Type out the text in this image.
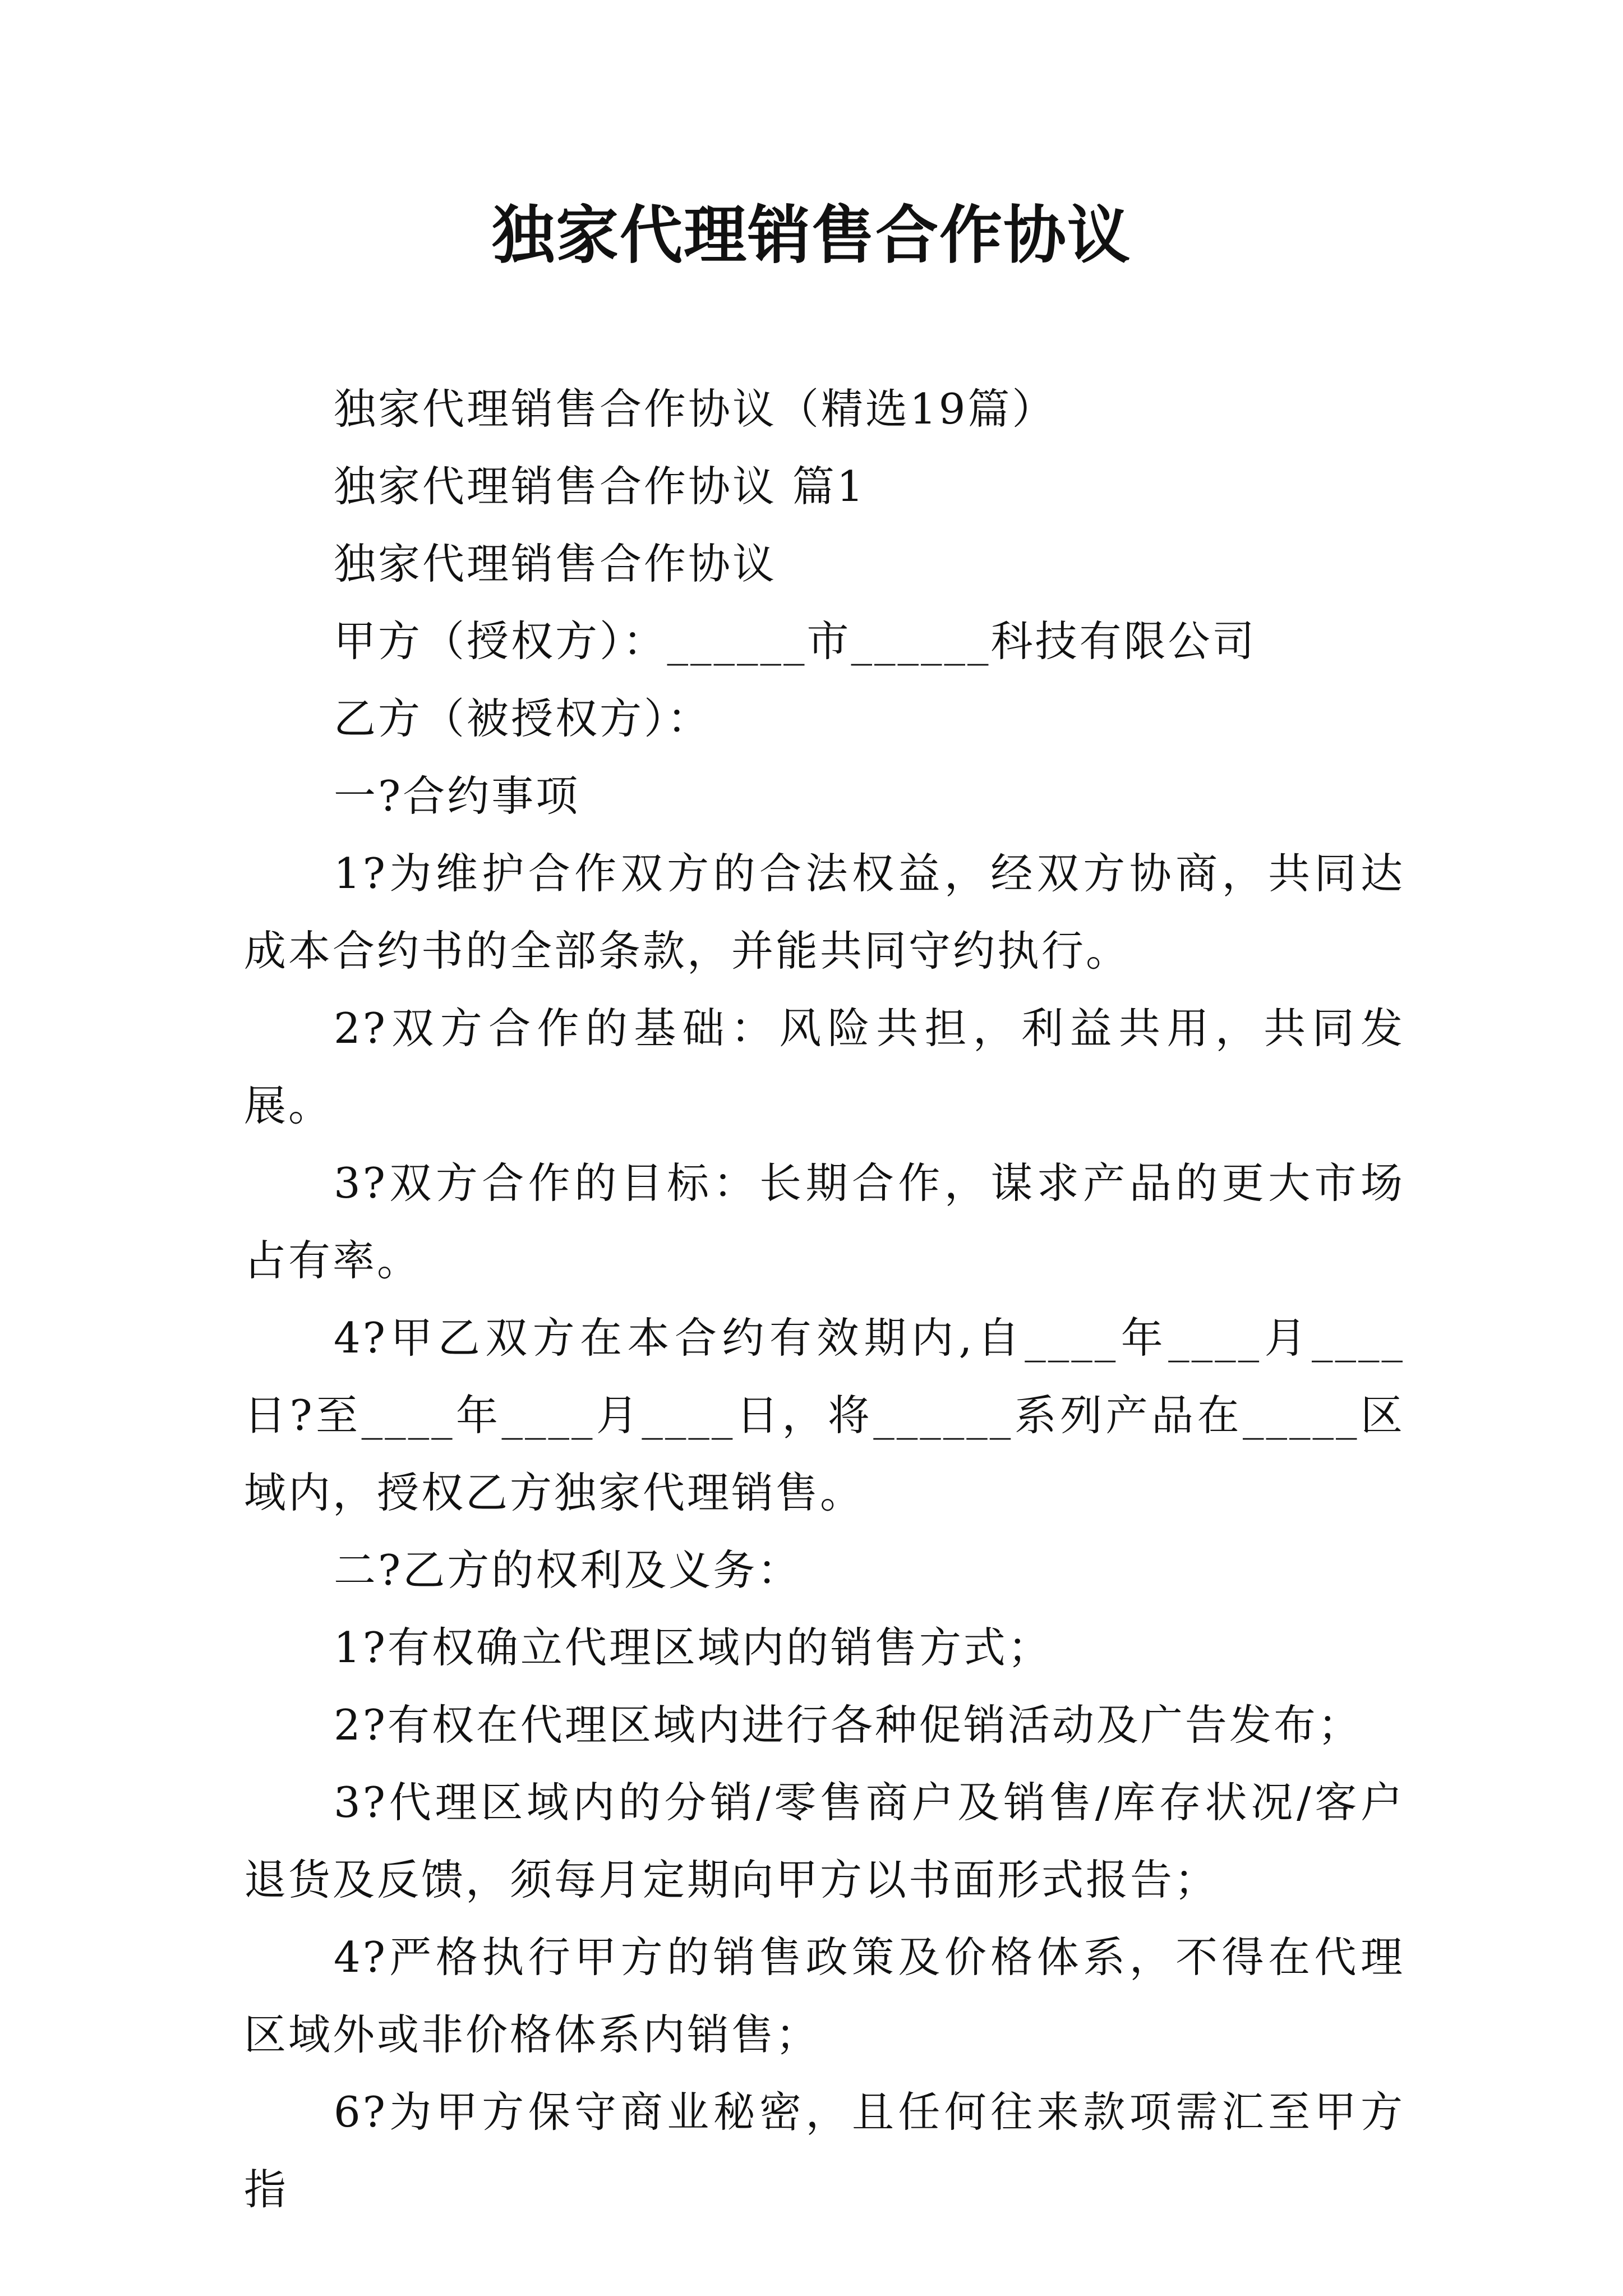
独家代理销售合作协议

独家代理销售合作协议（精选19篇）

独家代理销售合作协议 篇1

独家代理销售合作协议

甲方（授权方）：______市______科技有限公司

乙方（被授权方）：

一?合约事项

1?为维护合作双方的合法权益，经双方协商，共同达成本合约书的全部条款，并能共同守约执行。

2?双方合作的基础：风险共担，利益共用，共同发展。

3?双方合作的目标：长期合作，谋求产品的更大市场占有率。

4?甲乙双方在本合约有效期内,自____年____月____日?至____年____月____日，将______系列产品在_____区域内，授权乙方独家代理销售。

二?乙方的权利及义务：

1?有权确立代理区域内的销售方式；

2?有权在代理区域内进行各种促销活动及广告发布；

3?代理区域内的分销/零售商户及销售/库存状况/客户退货及反馈，须每月定期向甲方以书面形式报告；

4?严格执行甲方的销售政策及价格体系，不得在代理区域外或非价格体系内销售；

6?为甲方保守商业秘密，且任何往来款项需汇至甲方指
